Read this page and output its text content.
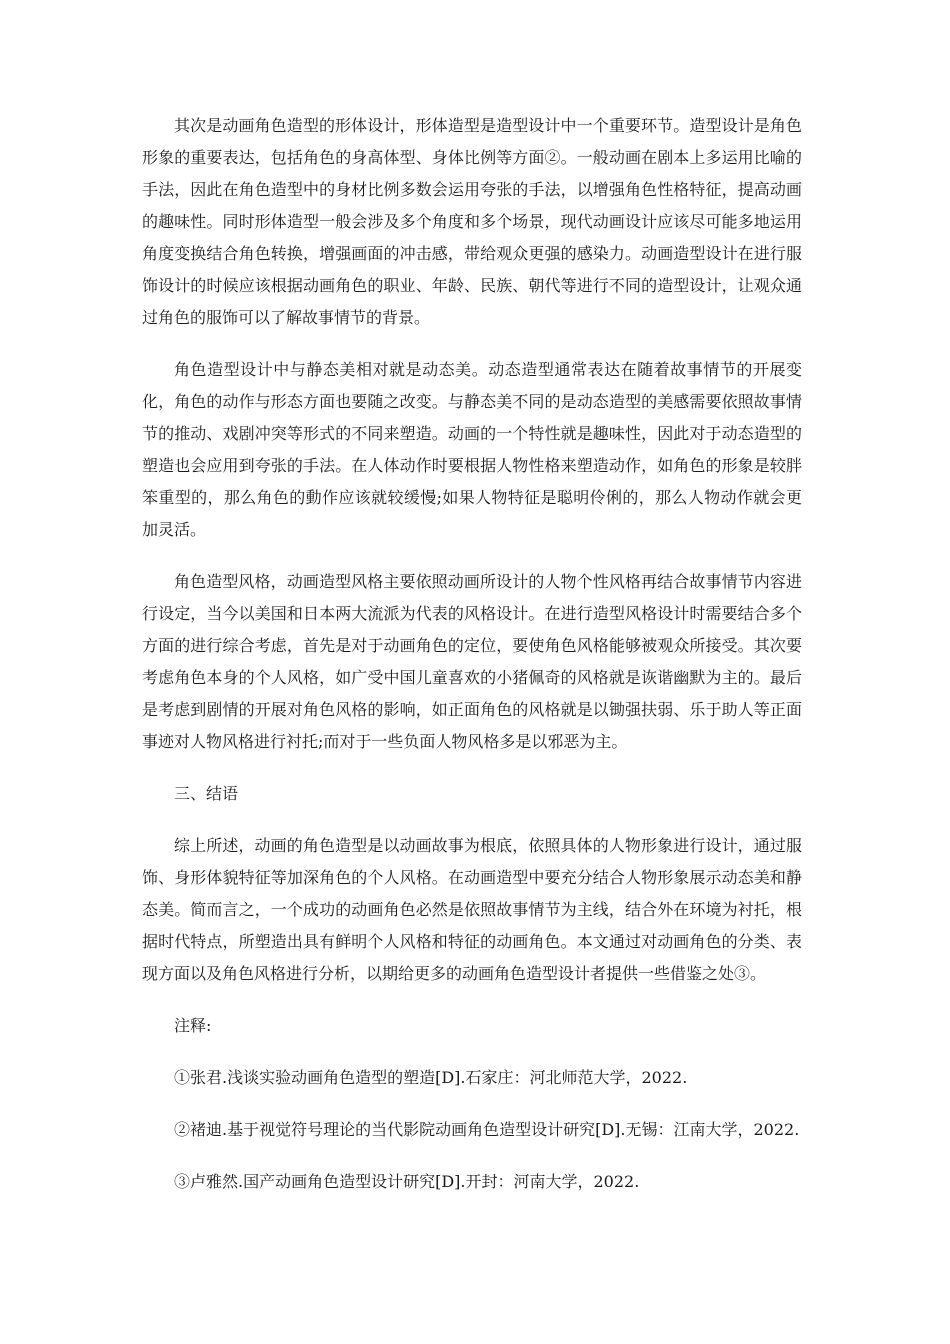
其次是动画角色造型的形体设计，形体造型是造型设计中一个重要环节。造型设计是角色形象的重要表达，包括角色的身高体型、身体比例等方面②。一般动画在剧本上多运用比喻的手法，因此在角色造型中的身材比例多数会运用夸张的手法，以增强角色性格特征，提高动画的趣味性。同时形体造型一般会涉及多个角度和多个场景，现代动画设计应该尽可能多地运用角度变换结合角色转换，增强画面的冲击感，带给观众更强的感染力。动画造型设计在进行服饰设计的时候应该根据动画角色的职业、年龄、民族、朝代等进行不同的造型设计，让观众通过角色的服饰可以了解故事情节的背景。

角色造型设计中与静态美相对就是动态美。动态造型通常表达在随着故事情节的开展变化，角色的动作与形态方面也要随之改变。与静态美不同的是动态造型的美感需要依照故事情节的推动、戏剧冲突等形式的不同来塑造。动画的一个特性就是趣味性，因此对于动态造型的塑造也会应用到夸张的手法。在人体动作时要根据人物性格来塑造动作，如角色的形象是较胖笨重型的，那么角色的動作应该就较缓慢;如果人物特征是聪明伶俐的，那么人物动作就会更加灵活。

角色造型风格，动画造型风格主要依照动画所设计的人物个性风格再结合故事情节内容进行设定，当今以美国和日本两大流派为代表的风格设计。在进行造型风格设计时需要结合多个方面的进行综合考虑，首先是对于动画角色的定位，要使角色风格能够被观众所接受。其次要考虑角色本身的个人风格，如广受中国儿童喜欢的小猪佩奇的风格就是诙谐幽默为主的。最后是考虑到剧情的开展对角色风格的影响，如正面角色的风格就是以锄强扶弱、乐于助人等正面事迹对人物风格进行衬托;而对于一些负面人物风格多是以邪恶为主。

三、结语

综上所述，动画的角色造型是以动画故事为根底，依照具体的人物形象进行设计，通过服饰、身形体貌特征等加深角色的个人风格。在动画造型中要充分结合人物形象展示动态美和静态美。简而言之，一个成功的动画角色必然是依照故事情节为主线，结合外在环境为衬托，根据时代特点，所塑造出具有鲜明个人风格和特征的动画角色。本文通过对动画角色的分类、表现方面以及角色风格进行分析，以期给更多的动画角色造型设计者提供一些借鉴之处③。

注释:

①张君.浅谈实验动画角色造型的塑造[D].石家庄：河北师范大学，2022.

②褚迪.基于视觉符号理论的当代影院动画角色造型设计研究[D].无锡：江南大学，2022.

③卢雅然.国产动画角色造型设计研究[D].开封：河南大学，2022.
